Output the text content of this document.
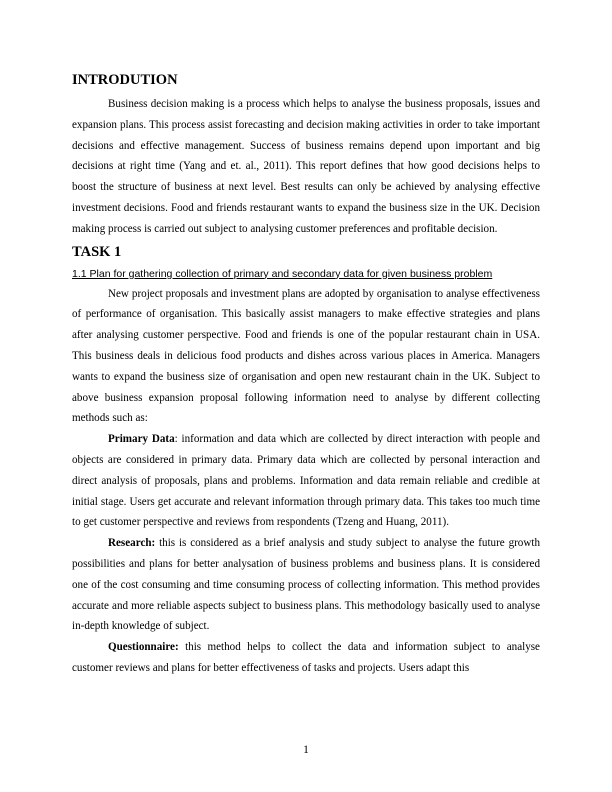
INTRODUTION

Business decision making is a process which helps to analyse the business proposals, issues and expansion plans. This process assist forecasting and decision making activities in order to take important decisions and effective management. Success of business remains depend upon important and big decisions at right time (Yang and et. al., 2011). This report defines that how good decisions helps to boost the structure of business at next level. Best results can only be achieved by analysing effective investment decisions. Food and friends restaurant wants to expand the business size in the UK. Decision making process is carried out subject to analysing customer preferences and profitable decision.

TASK 1
1.1 Plan for gathering collection of primary and secondary data for given business problem

New project proposals and investment plans are adopted by organisation to analyse effectiveness of performance of organisation. This basically assist managers to make effective strategies and plans after analysing customer perspective. Food and friends is one of the popular restaurant chain in USA. This business deals in delicious food products and dishes across various places in America. Managers wants to expand the business size of organisation and open new restaurant chain in the UK. Subject to above business expansion proposal following information need to analyse by different collecting methods such as:

Primary Data: information and data which are collected by direct interaction with people and objects are considered in primary data. Primary data which are collected by personal interaction and direct analysis of proposals, plans and problems. Information and data remain reliable and credible at initial stage. Users get accurate and relevant information through primary data. This takes too much time to get customer perspective and reviews from respondents (Tzeng and Huang, 2011).

Research: this is considered as a brief analysis and study subject to analyse the future growth possibilities and plans for better analysation of business problems and business plans. It is considered one of the cost consuming and time consuming process of collecting information. This method provides accurate and more reliable aspects subject to business plans. This methodology basically used to analyse in-depth knowledge of subject.

Questionnaire: this method helps to collect the data and information subject to analyse customer reviews and plans for better effectiveness of tasks and projects. Users adapt this

1
